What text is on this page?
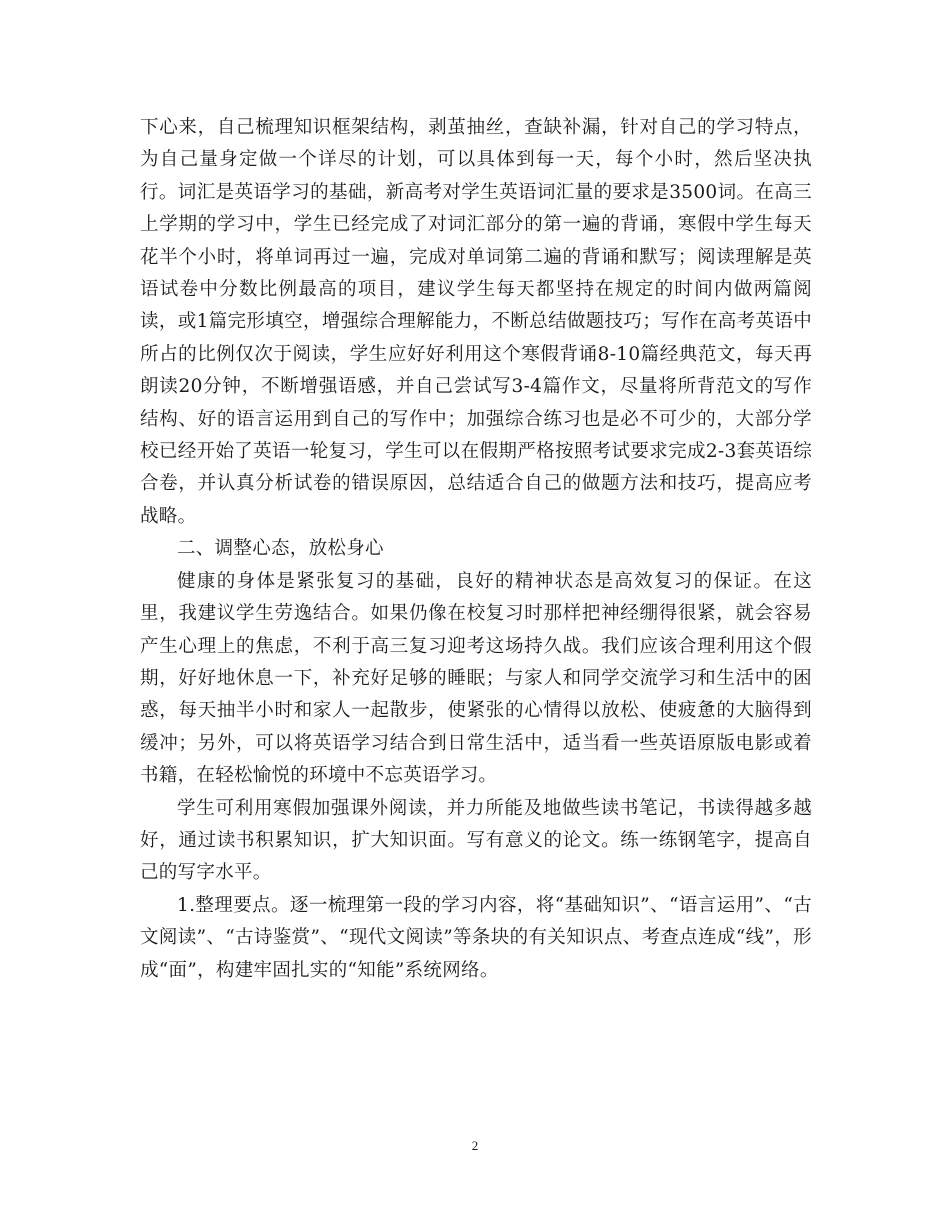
下心来，自己梳理知识框架结构，剥茧抽丝，查缺补漏，针对自己的学习特点，为自己量身定做一个详尽的计划，可以具体到每一天，每个小时，然后坚决执行。词汇是英语学习的基础，新高考对学生英语词汇量的要求是3500词。在高三上学期的学习中，学生已经完成了对词汇部分的第一遍的背诵，寒假中学生每天花半个小时，将单词再过一遍，完成对单词第二遍的背诵和默写；阅读理解是英语试卷中分数比例最高的项目，建议学生每天都坚持在规定的时间内做两篇阅读，或1篇完形填空，增强综合理解能力，不断总结做题技巧；写作在高考英语中所占的比例仅次于阅读，学生应好好利用这个寒假背诵8-10篇经典范文，每天再朗读20分钟，不断增强语感，并自己尝试写3-4篇作文，尽量将所背范文的写作结构、好的语言运用到自己的写作中；加强综合练习也是必不可少的，大部分学校已经开始了英语一轮复习，学生可以在假期严格按照考试要求完成2-3套英语综合卷，并认真分析试卷的错误原因，总结适合自己的做题方法和技巧，提高应考战略。

二、调整心态，放松身心

健康的身体是紧张复习的基础，良好的精神状态是高效复习的保证。在这里，我建议学生劳逸结合。如果仍像在校复习时那样把神经绷得很紧，就会容易产生心理上的焦虑，不利于高三复习迎考这场持久战。我们应该合理利用这个假期，好好地休息一下，补充好足够的睡眠；与家人和同学交流学习和生活中的困惑，每天抽半小时和家人一起散步，使紧张的心情得以放松、使疲惫的大脑得到缓冲；另外，可以将英语学习结合到日常生活中，适当看一些英语原版电影或着书籍，在轻松愉悦的环境中不忘英语学习。

学生可利用寒假加强课外阅读，并力所能及地做些读书笔记，书读得越多越好，通过读书积累知识，扩大知识面。写有意义的论文。练一练钢笔字，提高自己的写字水平。

1.整理要点。逐一梳理第一段的学习内容，将“基础知识”、“语言运用”、“古文阅读”、“古诗鉴赏”、“现代文阅读”等条块的有关知识点、考查点连成“线”，形成“面”，构建牢固扎实的“知能”系统网络。

2
